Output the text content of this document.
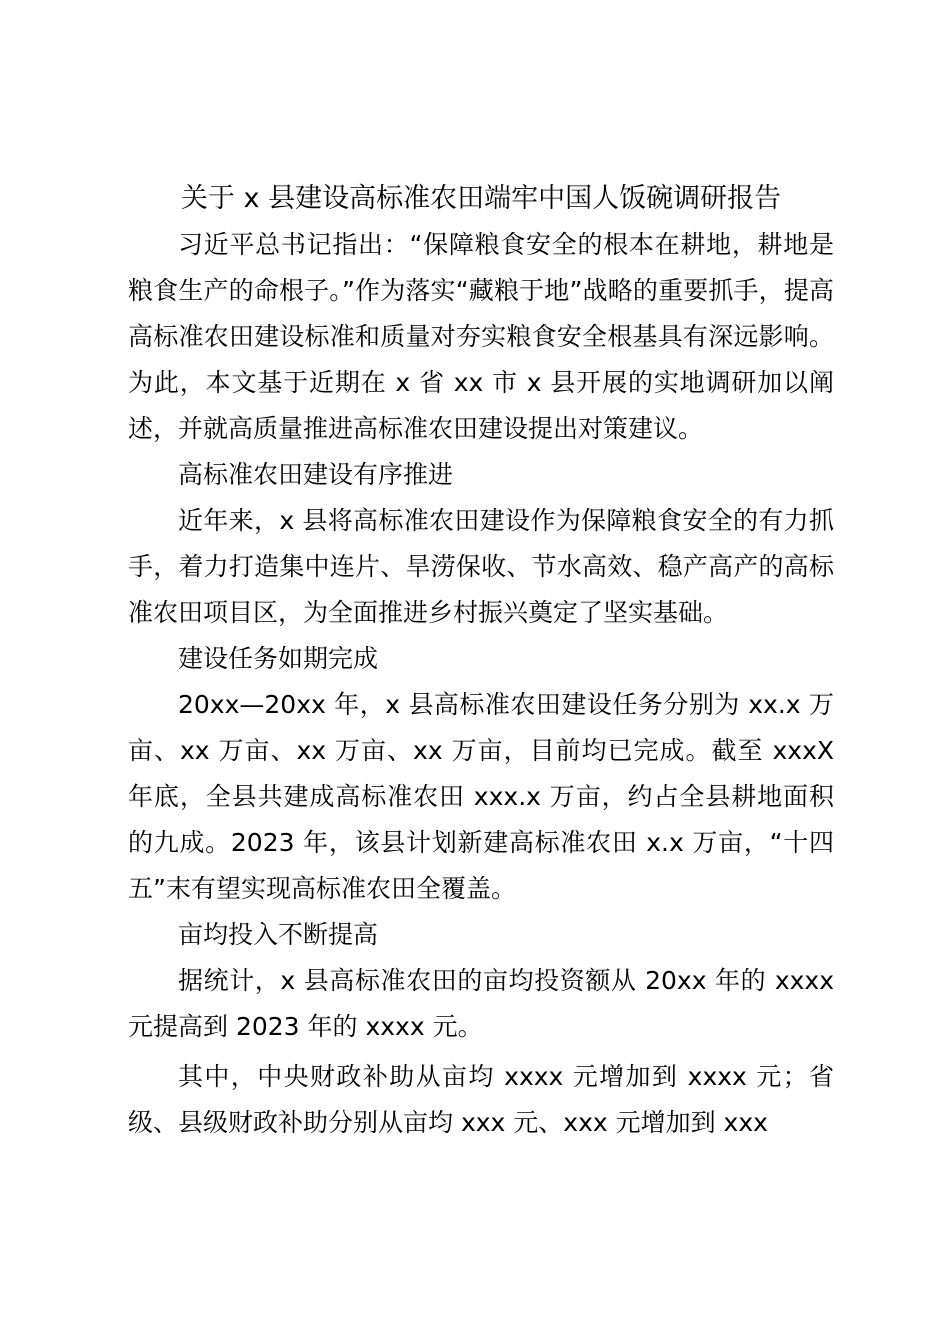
关于 x 县建设高标准农田端牢中国人饭碗调研报告

习近平总书记指出：“保障粮食安全的根本在耕地，耕地是粮食生产的命根子。”作为落实“藏粮于地”战略的重要抓手，提高高标准农田建设标准和质量对夯实粮食安全根基具有深远影响。为此，本文基于近期在 x 省 xx 市 x 县开展的实地调研加以阐述，并就高质量推进高标准农田建设提出对策建议。

高标准农田建设有序推进

近年来，x 县将高标准农田建设作为保障粮食安全的有力抓手，着力打造集中连片、旱涝保收、节水高效、稳产高产的高标准农田项目区，为全面推进乡村振兴奠定了坚实基础。

建设任务如期完成

20xx—20xx 年，x 县高标准农田建设任务分别为 xx.x 万亩、xx 万亩、xx 万亩、xx 万亩，目前均已完成。截至 xxxX 年底，全县共建成高标准农田 xxx.x 万亩，约占全县耕地面积的九成。2023 年，该县计划新建高标准农田 x.x 万亩，“十四五”末有望实现高标准农田全覆盖。

亩均投入不断提高

据统计，x 县高标准农田的亩均投资额从 20xx 年的 xxxx 元提高到 2023 年的 xxxx 元。

其中，中央财政补助从亩均 xxxx 元增加到 xxxx 元；省级、县级财政补助分别从亩均 xxx 元、xxx 元增加到 xxx
